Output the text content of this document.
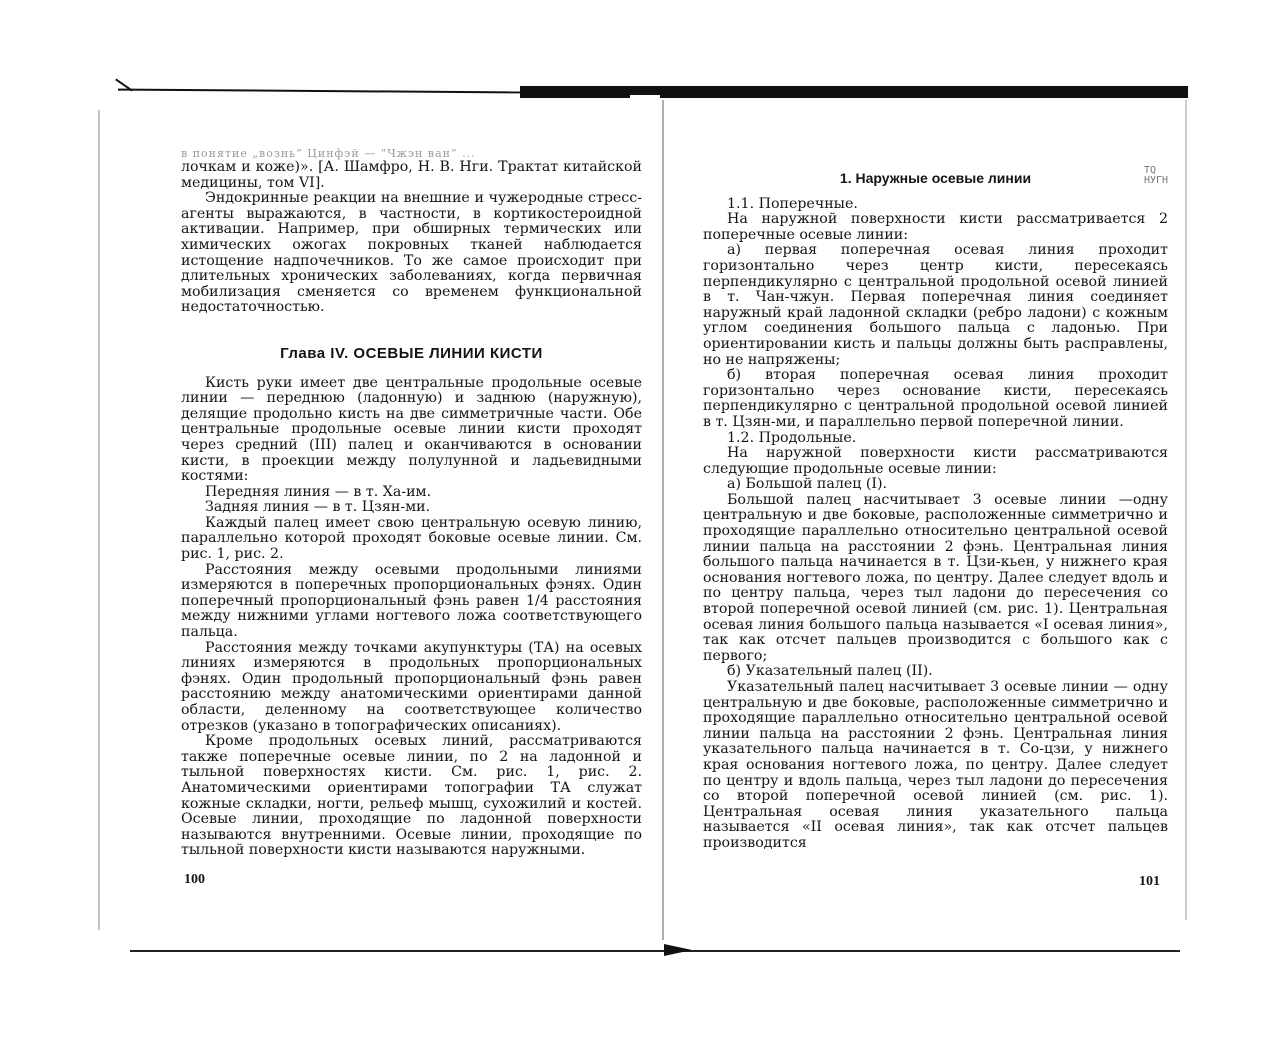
в понятие „вознь“ Цинфэй — “Чжэн ван“ ...

лочкам и коже)». [А. Шамфро, Н. В. Нги. Трактат китайской медицины, том VI].

Эндокринные реакции на внешние и чужеродные стресс-агенты выражаются, в частности, в кортикостероидной активации. Например, при обширных термических или химических ожогах покровных тканей наблюдается истощение надпочечников. То же самое происходит при длительных хронических заболеваниях, когда первичная мобилизация сменяется со временем функциональной недостаточностью.

Глава IV. ОСЕВЫЕ ЛИНИИ КИСТИ

Кисть руки имеет две центральные продольные осевые линии — переднюю (ладонную) и заднюю (наружную), делящие продольно кисть на две симметричные части. Обе центральные продольные осевые линии кисти проходят через средний (III) палец и оканчиваются в основании кисти, в проекции между полулунной и ладьевидными костями:

Передняя линия — в т. Ха-им.

Задняя линия — в т. Цзян-ми.

Каждый палец имеет свою центральную осевую линию, параллельно которой проходят боковые осевые линии. См. рис. 1, рис. 2.

Расстояния между осевыми продольными линиями измеряются в поперечных пропорциональных фэнях. Один поперечный пропорциональный фэнь равен 1/4 расстояния между нижними углами ногтевого ложа соответствующего пальца.

Расстояния между точками акупунктуры (ТА) на осевых линиях измеряются в продольных пропорциональных фэнях. Один продольный пропорциональный фэнь равен расстоянию между анатомическими ориентирами данной области, деленному на соответствующее количество отрезков (указано в топографических описаниях).

Кроме продольных осевых линий, рассматриваются также поперечные осевые линии, по 2 на ладонной и тыльной поверхностях кисти. См. рис. 1, рис. 2. Анатомическими ориентирами топографии ТА служат кожные складки, ногти, рельеф мышц, сухожилий и костей. Осевые линии, проходящие по ладонной поверхности называются внутренними. Осевые линии, проходящие по тыльной поверхности кисти называются наружными.

100
1. Наружные осевые линии

1.1. Поперечные.

На наружной поверхности кисти рассматривается 2 поперечные осевые линии:

а) первая поперечная осевая линия проходит горизонтально через центр кисти, пересекаясь перпендикулярно с центральной продольной осевой линией в т. Чан-чжун. Первая поперечная линия соединяет наружный край ладонной складки (ребро ладони) с кожным углом соединения большого пальца с ладонью. При ориентировании кисть и пальцы должны быть расправлены, но не напряжены;

б) вторая поперечная осевая линия проходит горизонтально через основание кисти, пересекаясь перпендикулярно с центральной продольной осевой линией в т. Цзян-ми, и параллельно первой поперечной линии.

1.2. Продольные.

На наружной поверхности кисти рассматриваются следующие продольные осевые линии:

а) Большой палец (I).

Большой палец насчитывает 3 осевые линии —одну центральную и две боковые, расположенные симметрично и проходящие параллельно относительно центральной осевой линии пальца на расстоянии 2 фэнь. Центральная линия большого пальца начинается в т. Цзи-кьен, у нижнего края основания ногтевого ложа, по центру. Далее следует вдоль и по центру пальца, через тыл ладони до пересечения со второй поперечной осевой линией (см. рис. 1). Центральная осевая линия большого пальца называется «I осевая линия», так как отсчет пальцев производится с большого как с первого;

б) Указательный палец (II).

Указательный палец насчитывает 3 осевые линии — одну центральную и две боковые, расположенные симметрично и проходящие параллельно относительно центральной осевой линии пальца на расстоянии 2 фэнь. Центральная линия указательного пальца начинается в т. Со-цзи, у нижнего края основания ногтевого ложа, по центру. Далее следует по центру и вдоль пальца, через тыл ладони до пересечения со второй поперечной осевой линией (см. рис. 1). Центральная осевая линия указательного пальца называется «II осевая линия», так как отсчет пальцев производится

ТQ
НУГН
101
